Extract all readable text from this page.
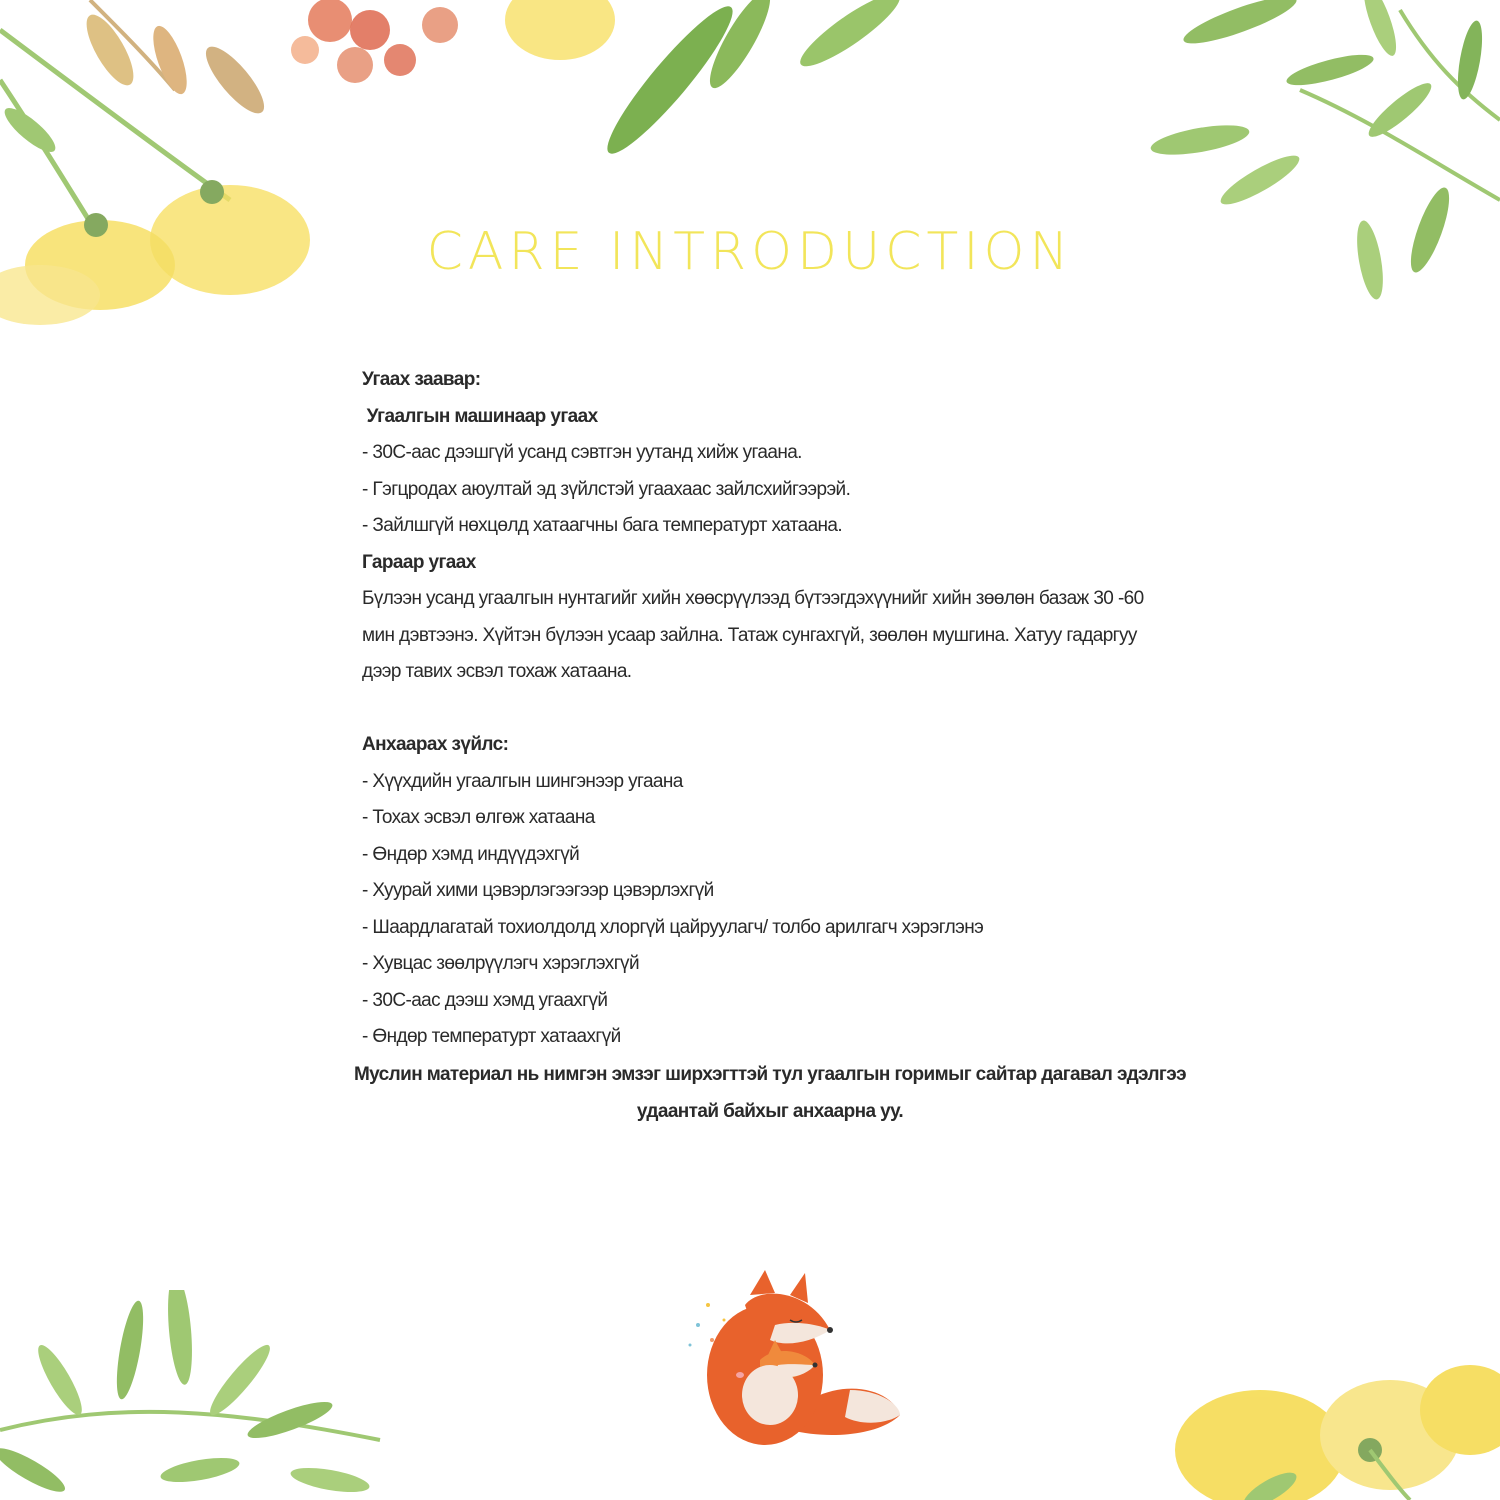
CARE INTRODUCTION
Угаах заавар:
Угаалгын машинаар угаах
- 30С-аас дээшгүй усанд сэвтгэн уутанд хийж угаана.
- Гэгцродах аюултай эд зүйлстэй угаахаас зайлсхийгээрэй.
- Зайлшгүй нөхцөлд хатаагчны бага температурт хатаана.
Гараар угаах
Бүлээн усанд угаалгын нунтагийг хийн хөөсрүүлээд бүтээгдэхүүнийг хийн зөөлөн базаж 30 -60 мин дэвтээнэ. Хүйтэн бүлээн усаар зайлна. Татаж сунгахгүй, зөөлөн мушгина. Хатуу гадаргуу дээр тавих эсвэл тохаж хатаана.
Анхаарах зүйлс:
- Хүүхдийн угаалгын шингэнээр угаана
- Тохах эсвэл өлгөж хатаана
- Өндөр хэмд индүүдэхгүй
- Хуурай хими цэвэрлэгээгээр цэвэрлэхгүй
- Шаардлагатай тохиолдолд хлоргүй цайруулагч/ толбо арилгагч хэрэглэнэ
- Хувцас зөөлрүүлэгч хэрэглэхгүй
- 30С-аас дээш хэмд угаахгүй
- Өндөр температурт хатаахгүй
Муслин материал нь нимгэн эмзэг ширхэгттэй тул угаалгын горимыг сайтар дагавал эдэлгээ удаантай байхыг анхаарна уу.
